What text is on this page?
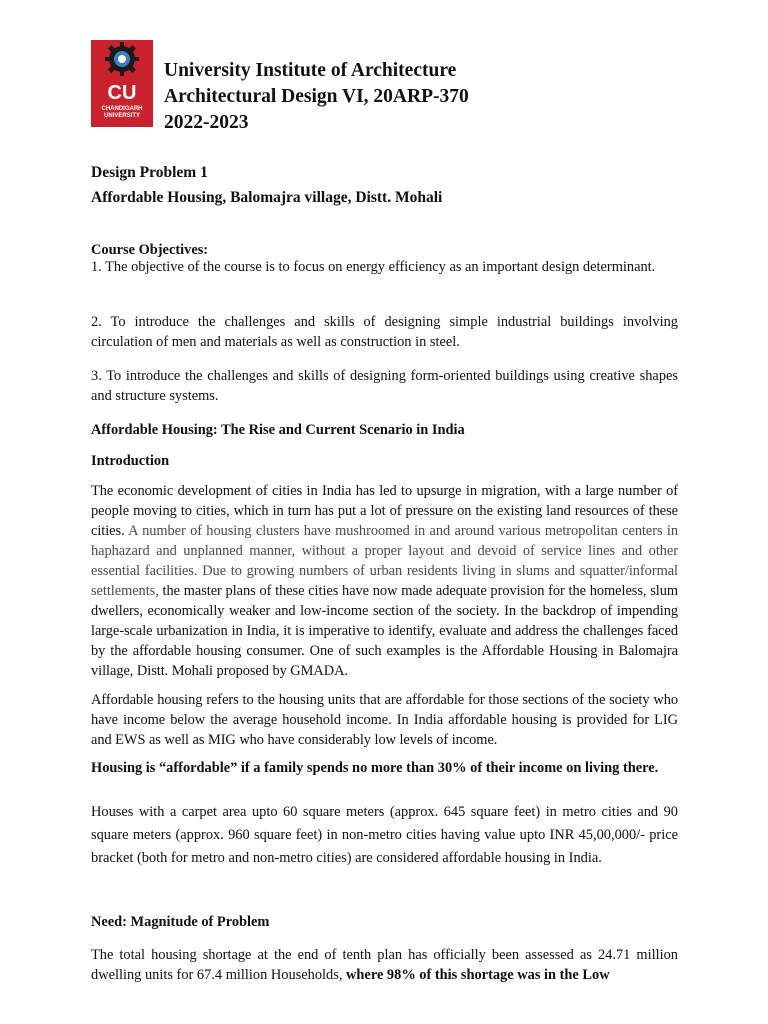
CU
CHANDIGARH
UNIVERSITY
University Institute of Architecture
Architectural Design VI, 20ARP-370
2022-2023
Design Problem 1
Affordable Housing, Balomajra village, Distt. Mohali
Course Objectives:
1. The objective of the course is to focus on energy efficiency as an important design determinant.
2. To introduce the challenges and skills of designing simple industrial buildings involving circulation of men and materials as well as construction in steel.
3. To introduce the challenges and skills of designing form-oriented buildings using creative shapes and structure systems.
Affordable Housing: The Rise and Current Scenario in India
Introduction
The economic development of cities in India has led to upsurge in migration, with a large number of people moving to cities, which in turn has put a lot of pressure on the existing land resources of these cities. A number of housing clusters have mushroomed in and around various metropolitan centers in haphazard and unplanned manner, without a proper layout and devoid of service lines and other essential facilities. Due to growing numbers of urban residents living in slums and squatter/informal settlements, the master plans of these cities have now made adequate provision for the homeless, slum dwellers, economically weaker and low-income section of the society. In the backdrop of impending large-scale urbanization in India, it is imperative to identify, evaluate and address the challenges faced by the affordable housing consumer. One of such examples is the Affordable Housing in Balomajra village, Distt. Mohali proposed by GMADA.
Affordable housing refers to the housing units that are affordable for those sections of the society who have income below the average household income. In India affordable housing is provided for LIG and EWS as well as MIG who have considerably low levels of income.
Housing is “affordable” if a family spends no more than 30% of their income on living there.
Houses with a carpet area upto 60 square meters (approx. 645 square feet) in metro cities and 90 square meters (approx. 960 square feet) in non-metro cities having value upto INR 45,00,000/- price bracket (both for metro and non-metro cities) are considered affordable housing in India.
Need: Magnitude of Problem
The total housing shortage at the end of tenth plan has officially been assessed as 24.71 million dwelling units for 67.4 million Households, where 98% of this shortage was in the Low
